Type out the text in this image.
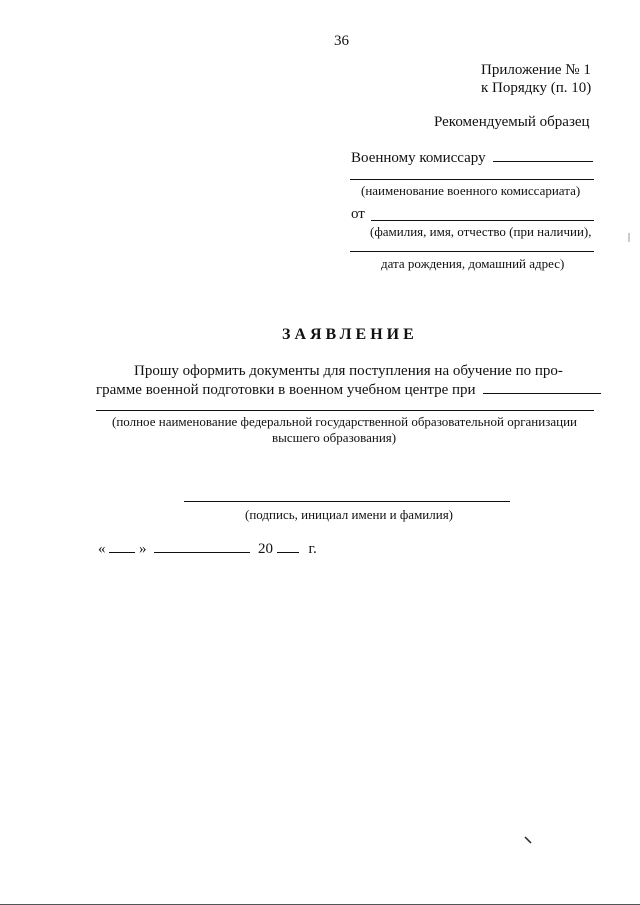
36
Приложение № 1
к Порядку (п. 10)
Рекомендуемый образец
Военному комиссару
(наименование военного комиссариата)
от
(фамилия, имя, отчество (при наличии),
дата рождения, домашний адрес)
ЗАЯВЛЕНИЕ
Прошу оформить документы для поступления на обучение по про-
грамме военной подготовки в военном учебном центре при
(полное наименование федеральной государственной образовательной организации
высшего образования)
(подпись, инициал имени и фамилия)
« »	20 г.
